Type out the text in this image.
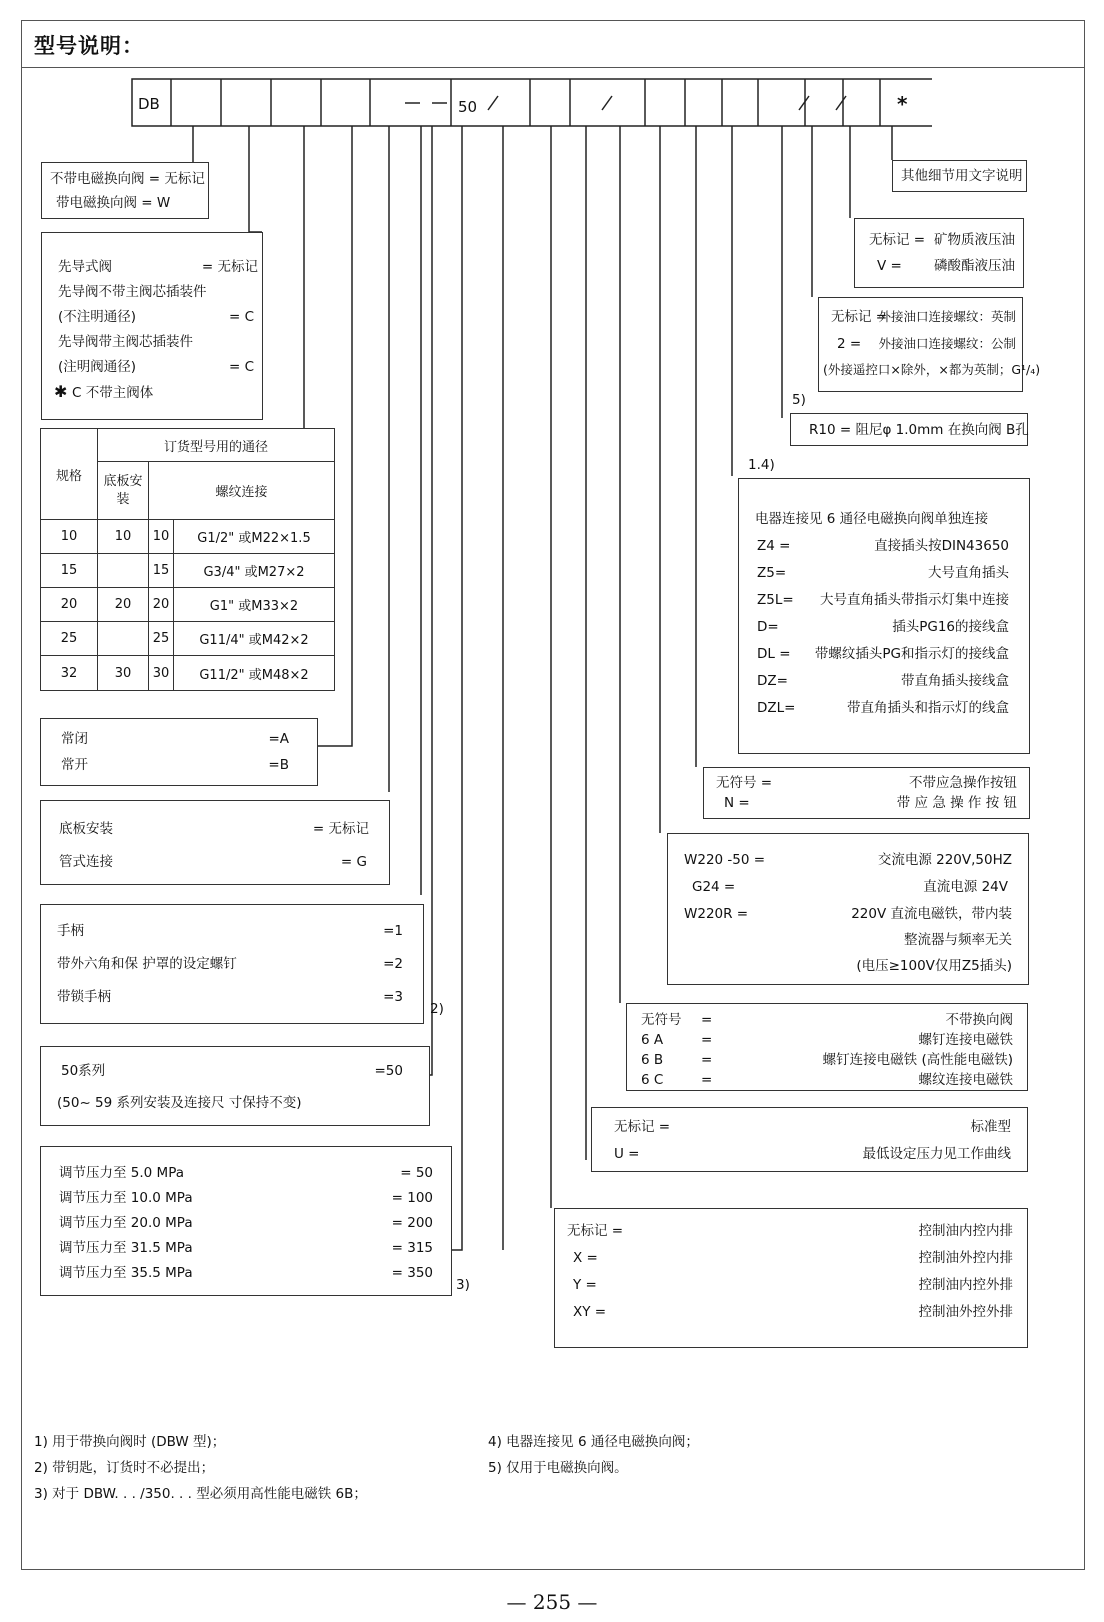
型号说明：
DB	50	*
不带电磁换向阀 = 无标记
带电磁换向阀 = W
先导式阀	= 无标记
先导阀不带主阀芯插装件
(不注明通径)	= C
先导阀带主阀芯插装件
(注明阀通径)	= C
✱ C 不带主阀体
规格	订货型号用的通径		
	底板安装	螺纹连接	
10	10	10	G1/2" 或M22×1.5
15		15	G3/4" 或M27×2
20	20	20	G1" 或M33×2
25		25	G11/4" 或M42×2
32	30	30	G11/2" 或M48×2
常闭	=A
常开	=B
底板安装	= 无标记
管式连接	= G
手柄	=1
带外六角和保 护罩的设定螺钉	=2
带锁手柄	=3
2)
50系列	=50
(50~ 59 系列安装及连接尺 寸保持不变)
调节压力至 5.0 MPa	= 50
调节压力至 10.0 MPa	= 100
调节压力至 20.0 MPa	= 200
调节压力至 31.5 MPa	= 315
调节压力至 35.5 MPa	= 350
3)
其他细节用文字说明
无标记 = 矿物质液压油
V = 磷酸酯液压油
无标记 =
外接油口连接螺纹：英制
2 = 外接油口连接螺纹：公制
(外接遥控口×除外，×都为英制；G¹/₄)
5)
R10 = 阻尼φ 1.0mm 在换向阀 B孔
1.4)
电器连接见 6 通径电磁换向阀单独连接
Z4 =	直接插头按DIN43650
Z5=	大号直角插头
Z5L= 大号直角插头带指示灯集中连接
D=	插头PG16的接线盒
DL = 带螺纹插头PG和指示灯的接线盒
DZ=	带直角插头接线盒
DZL=	带直角插头和指示灯的线盒
无符号 =	不带应急操作按钮
N =	带 应 急 操 作 按 钮
W220 -50 =	交流电源 220V,50HZ
G24 =	直流电源 24V
W220R =	220V 直流电磁铁，带内装
整流器与频率无关
(电压≥100V仅用Z5插头)
无符号 =	不带换向阀
6 A	=	螺钉连接电磁铁
6 B	=	螺钉连接电磁铁 (高性能电磁铁)
6 C	=	螺纹连接电磁铁
无标记 =	标准型
U =	最低设定压力见工作曲线
无标记 =	控制油内控内排
X =	控制油外控内排
Y =	控制油内控外排
XY =	控制油外控外排
1) 用于带换向阀时 (DBW 型)；
2) 带钥匙，订货时不必提出；
3) 对于 DBW. . . /350. . . 型必须用高性能电磁铁 6B；
4) 电器连接见 6 通径电磁换向阀；
5) 仅用于电磁换向阀。
— 255 —
